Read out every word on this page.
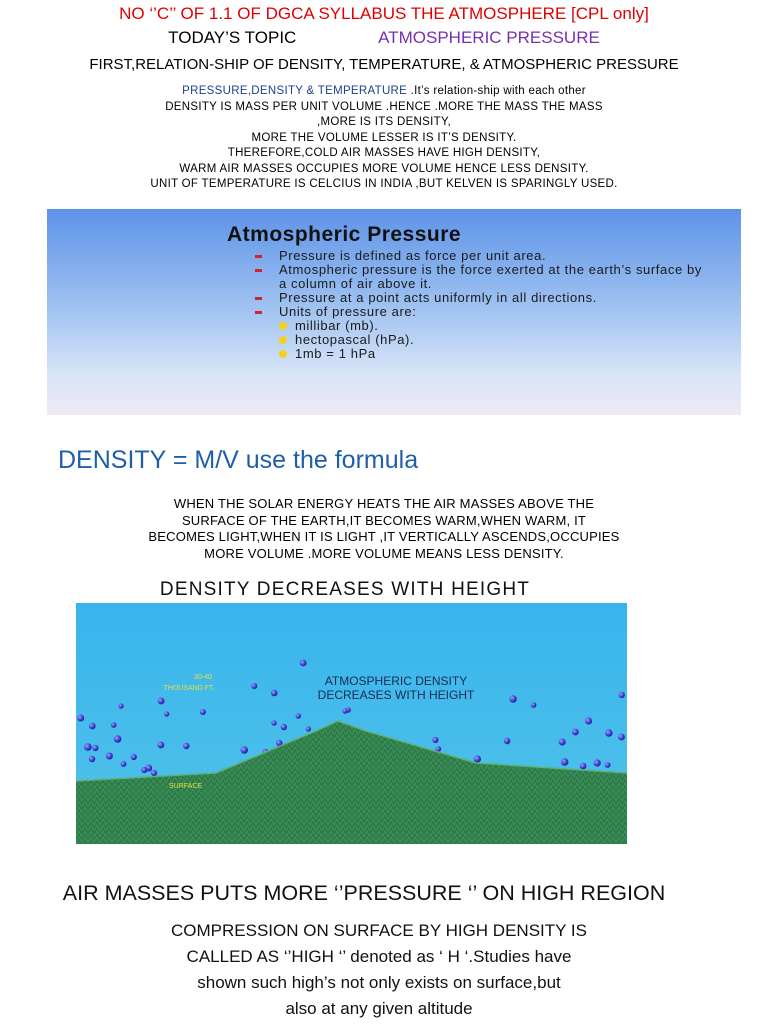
NO ‘’C’’ OF 1.1 OF DGCA SYLLABUS THE ATMOSPHERE [CPL only]
TODAY’S TOPIC	ATMOSPHERIC PRESSURE
FIRST,RELATION-SHIP OF DENSITY, TEMPERATURE, & ATMOSPHERIC PRESSURE
PRESSURE,DENSITY & TEMPERATURE .It’s relation-ship with each other
DENSITY IS MASS PER UNIT VOLUME .HENCE .MORE THE MASS THE MASS
,MORE IS ITS DENSITY,
MORE THE VOLUME LESSER IS IT’S DENSITY.
THEREFORE,COLD AIR MASSES HAVE HIGH DENSITY,
WARM AIR MASSES OCCUPIES MORE VOLUME HENCE LESS DENSITY.
UNIT OF TEMPERATURE IS CELCIUS IN INDIA ,BUT KELVEN IS SPARINGLY USED.
Atmospheric Pressure
Pressure is defined as force per unit area.
Atmospheric pressure is the force exerted at the earth’s surface by a column of air above it.
Pressure at a point acts uniformly in all directions.
Units of pressure are:
millibar (mb).
hectopascal (hPa).
1mb = 1 hPa
DENSITY = M/V use the formula
WHEN THE SOLAR ENERGY HEATS THE AIR MASSES ABOVE THE
SURFACE OF THE EARTH,IT BECOMES WARM,WHEN WARM, IT
BECOMES LIGHT,WHEN IT IS LIGHT ,IT VERTICALLY ASCENDS,OCCUPIES
MORE VOLUME .MORE VOLUME MEANS LESS DENSITY.
DENSITY DECREASES WITH HEIGHT
30-40
THOUSAND FT.
ATMOSPHERIC DENSITY
DECREASES WITH HEIGHT
SURFACE
AIR MASSES PUTS MORE ‘’PRESSURE ‘’ ON HIGH REGION
COMPRESSION ON SURFACE BY HIGH DENSITY IS
CALLED AS ‘’HIGH ‘’ denoted as ‘ H ‘.Studies have
shown such high’s not only exists on surface,but
also at any given altitude
